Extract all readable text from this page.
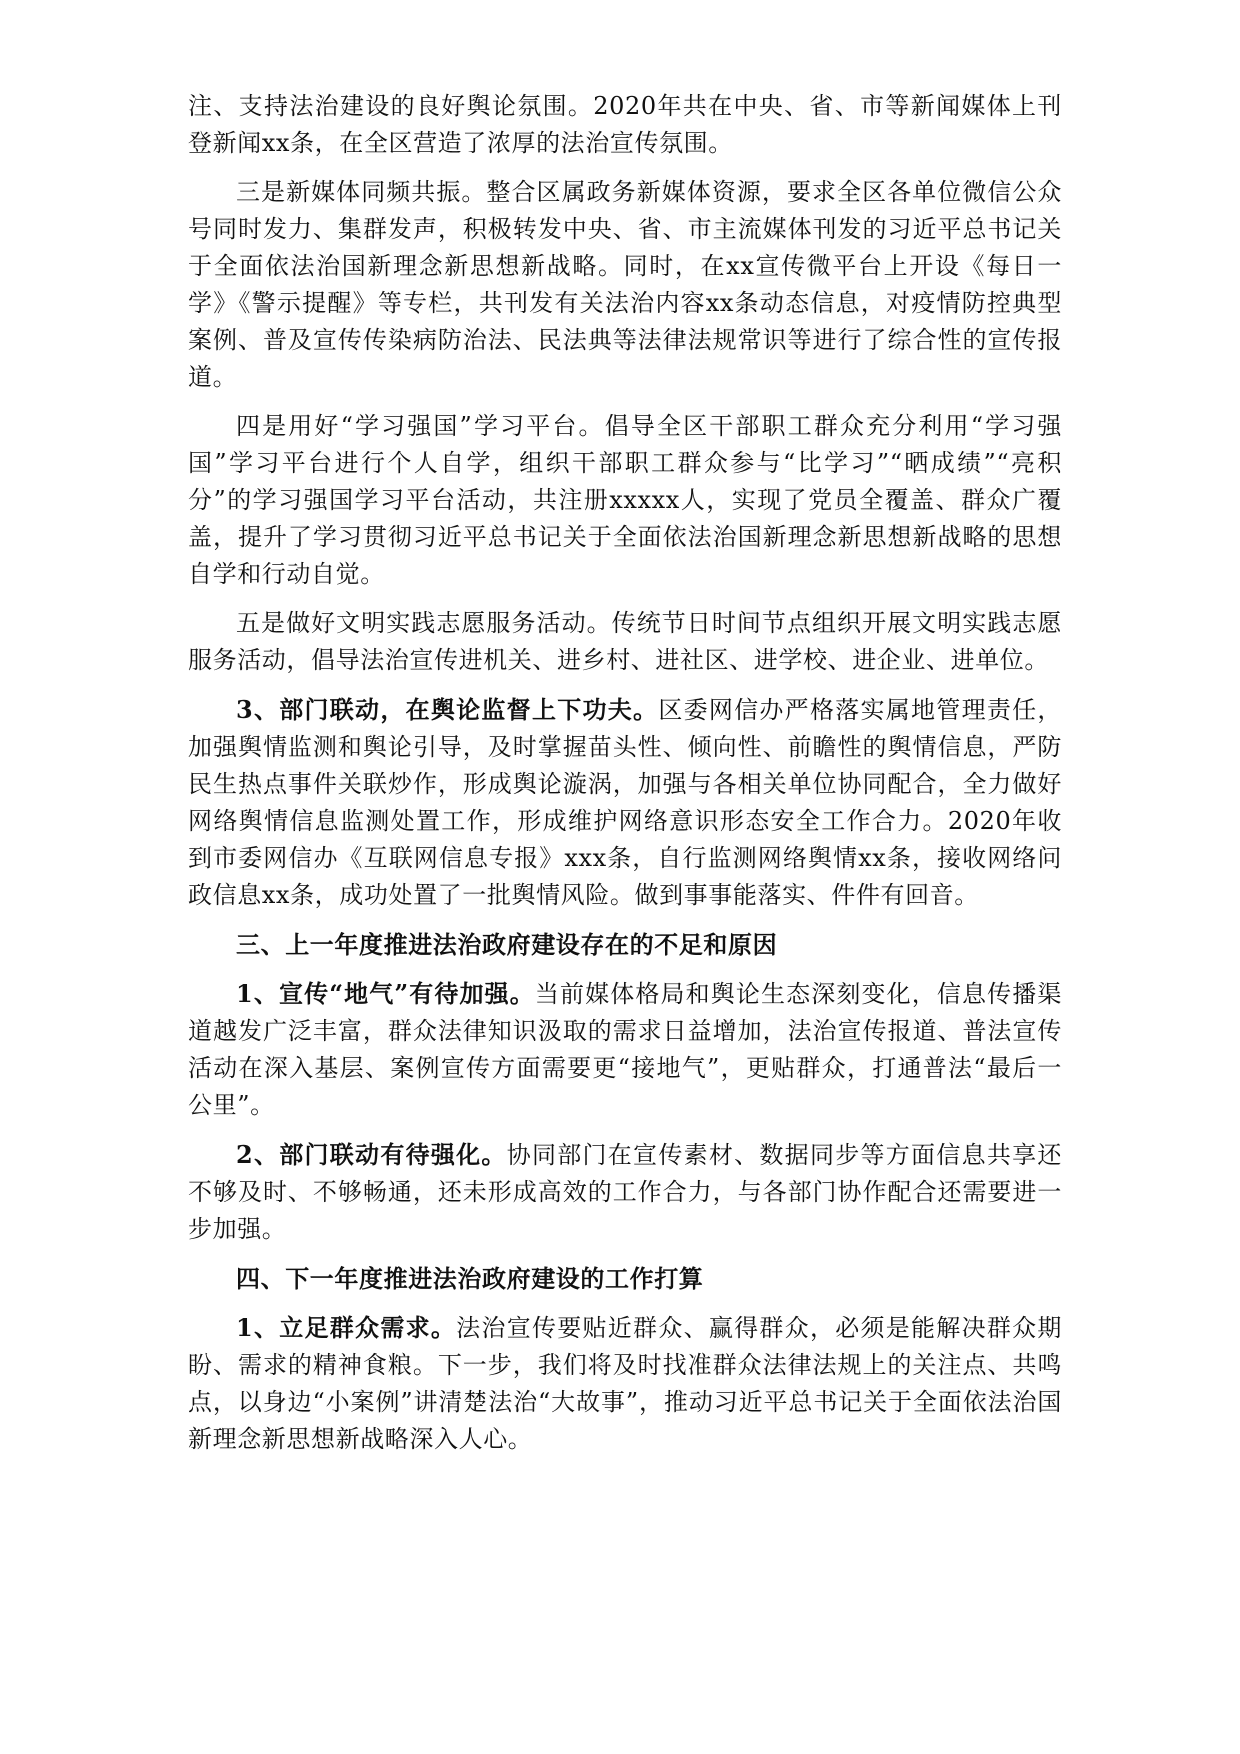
注、支持法治建设的良好舆论氛围。2020年共在中央、省、市等新闻媒体上刊登新闻xx条，在全区营造了浓厚的法治宣传氛围。

三是新媒体同频共振。整合区属政务新媒体资源，要求全区各单位微信公众号同时发力、集群发声，积极转发中央、省、市主流媒体刊发的习近平总书记关于全面依法治国新理念新思想新战略。同时，在xx宣传微平台上开设《每日一学》《警示提醒》等专栏，共刊发有关法治内容xx条动态信息，对疫情防控典型案例、普及宣传传染病防治法、民法典等法律法规常识等进行了综合性的宣传报道。

四是用好“学习强国”学习平台。倡导全区干部职工群众充分利用“学习强国”学习平台进行个人自学，组织干部职工群众参与“比学习”“晒成绩”“亮积分”的学习强国学习平台活动，共注册xxxxx人，实现了党员全覆盖、群众广覆盖，提升了学习贯彻习近平总书记关于全面依法治国新理念新思想新战略的思想自学和行动自觉。

五是做好文明实践志愿服务活动。传统节日时间节点组织开展文明实践志愿服务活动，倡导法治宣传进机关、进乡村、进社区、进学校、进企业、进单位。

3、部门联动，在舆论监督上下功夫。区委网信办严格落实属地管理责任，加强舆情监测和舆论引导，及时掌握苗头性、倾向性、前瞻性的舆情信息，严防民生热点事件关联炒作，形成舆论漩涡，加强与各相关单位协同配合，全力做好网络舆情信息监测处置工作，形成维护网络意识形态安全工作合力。2020年收到市委网信办《互联网信息专报》xxx条，自行监测网络舆情xx条，接收网络问政信息xx条，成功处置了一批舆情风险。做到事事能落实、件件有回音。

三、上一年度推进法治政府建设存在的不足和原因

1、宣传“地气”有待加强。当前媒体格局和舆论生态深刻变化，信息传播渠道越发广泛丰富，群众法律知识汲取的需求日益增加，法治宣传报道、普法宣传活动在深入基层、案例宣传方面需要更“接地气”，更贴群众，打通普法“最后一公里”。

2、部门联动有待强化。协同部门在宣传素材、数据同步等方面信息共享还不够及时、不够畅通，还未形成高效的工作合力，与各部门协作配合还需要进一步加强。

四、下一年度推进法治政府建设的工作打算

1、立足群众需求。法治宣传要贴近群众、赢得群众，必须是能解决群众期盼、需求的精神食粮。下一步，我们将及时找准群众法律法规上的关注点、共鸣点，以身边“小案例”讲清楚法治“大故事”，推动习近平总书记关于全面依法治国新理念新思想新战略深入人心。
